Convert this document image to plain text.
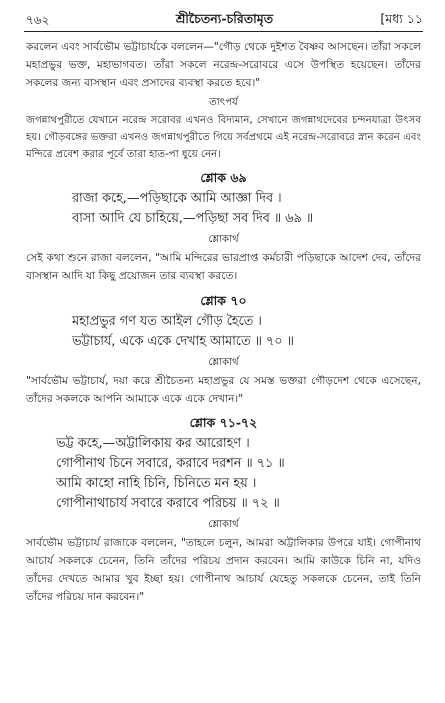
৭৬২	শ্রীচৈতন্য-চরিতামৃত	[মধ্য ১১

করলেন এবং সার্বভৌম ভট্টাচার্যকে বললেন—"গৌড় থেকে দুইশত বৈষ্ণব আসছেন। তাঁরা সকলে মহাপ্রভুর ভক্ত, মহাভাগবত। তাঁরা সকলে নরেন্দ্র-সরোবরে এসে উপস্থিত হয়েছেন। তাঁদের সকলের জন্য বাসস্থান এবং প্রসাদের ব্যবস্থা করতে হবে।"

তাৎপর্য

জগন্নাথপুরীতে যেখানে নরেন্দ্র সরোবর এখনও বিদ্যমান, সেখানে জগন্নাথদেবের চন্দনযাত্রা উৎসব হয়। গৌড়বঙ্গের ভক্তরা এখনও জগন্নাথপুরীতে গিয়ে সর্বপ্রথমে এই নরেন্দ্র-সরোবরে স্নান করেন এবং মন্দিরে প্রবেশ করার পূর্বে তারা হাত-পা ধুয়ে নেন।

শ্লোক ৬৯
রাজা কহে,—পড়িছাকে আমি আজ্ঞা দিব ।
বাসা আদি যে চাহিয়ে,—পড়িছা সব দিব ॥ ৬৯ ॥
শ্লোকার্থ

সেই কথা শুনে রাজা বললেন, "আমি মন্দিরের ভারপ্রাপ্ত কর্মচারী পড়িছাকে আদেশ দেব, তাঁদের বাসস্থান আদি যা কিছু প্রয়োজন তার ব্যবস্থা করতে।

শ্লোক ৭০
মহাপ্রভুর গণ যত আইল গৌড় হৈতে ।
ভট্টাচার্য, একে একে দেখাহ আমাতে ॥ ৭০ ॥
শ্লোকার্থ

"সার্বভৌম ভট্টাচার্য, দয়া করে শ্রীচৈতন্য মহাপ্রভুর যে সমস্ত ভক্তরা গৌড়দেশ থেকে এসেছেন, তাঁদের সকলকে আপনি আমাকে একে একে দেখান।"

শ্লোক ৭১-৭২
ভট্ট কহে,—অট্টালিকায় কর আরোহণ ।
গোপীনাথ চিনে সবারে, করাবে দরশন ॥ ৭১ ॥
আমি কাহো নাহি চিনি, চিনিতে মন হয় ।
গোপীনাথাচার্য সবারে করাবে পরিচয় ॥ ৭২ ॥
শ্লোকার্থ

সার্বভৌম ভট্টাচার্য রাজাকে বললেন, "তাহলে চলুন, আমরা অট্টালিকার উপরে যাই। গোপীনাথ আচার্য সকলকে চেনেন, তিনি তাঁদের পরিচয় প্রদান করবেন। আমি কাউকে চিনি না, যদিও তাঁদের দেখতে আমার খুব ইচ্ছা হয়। গোপীনাথ আচার্য যেহেতু সকলকে চেনেন, তাই তিনি তাঁদের পরিচয় দান করবেন।"
